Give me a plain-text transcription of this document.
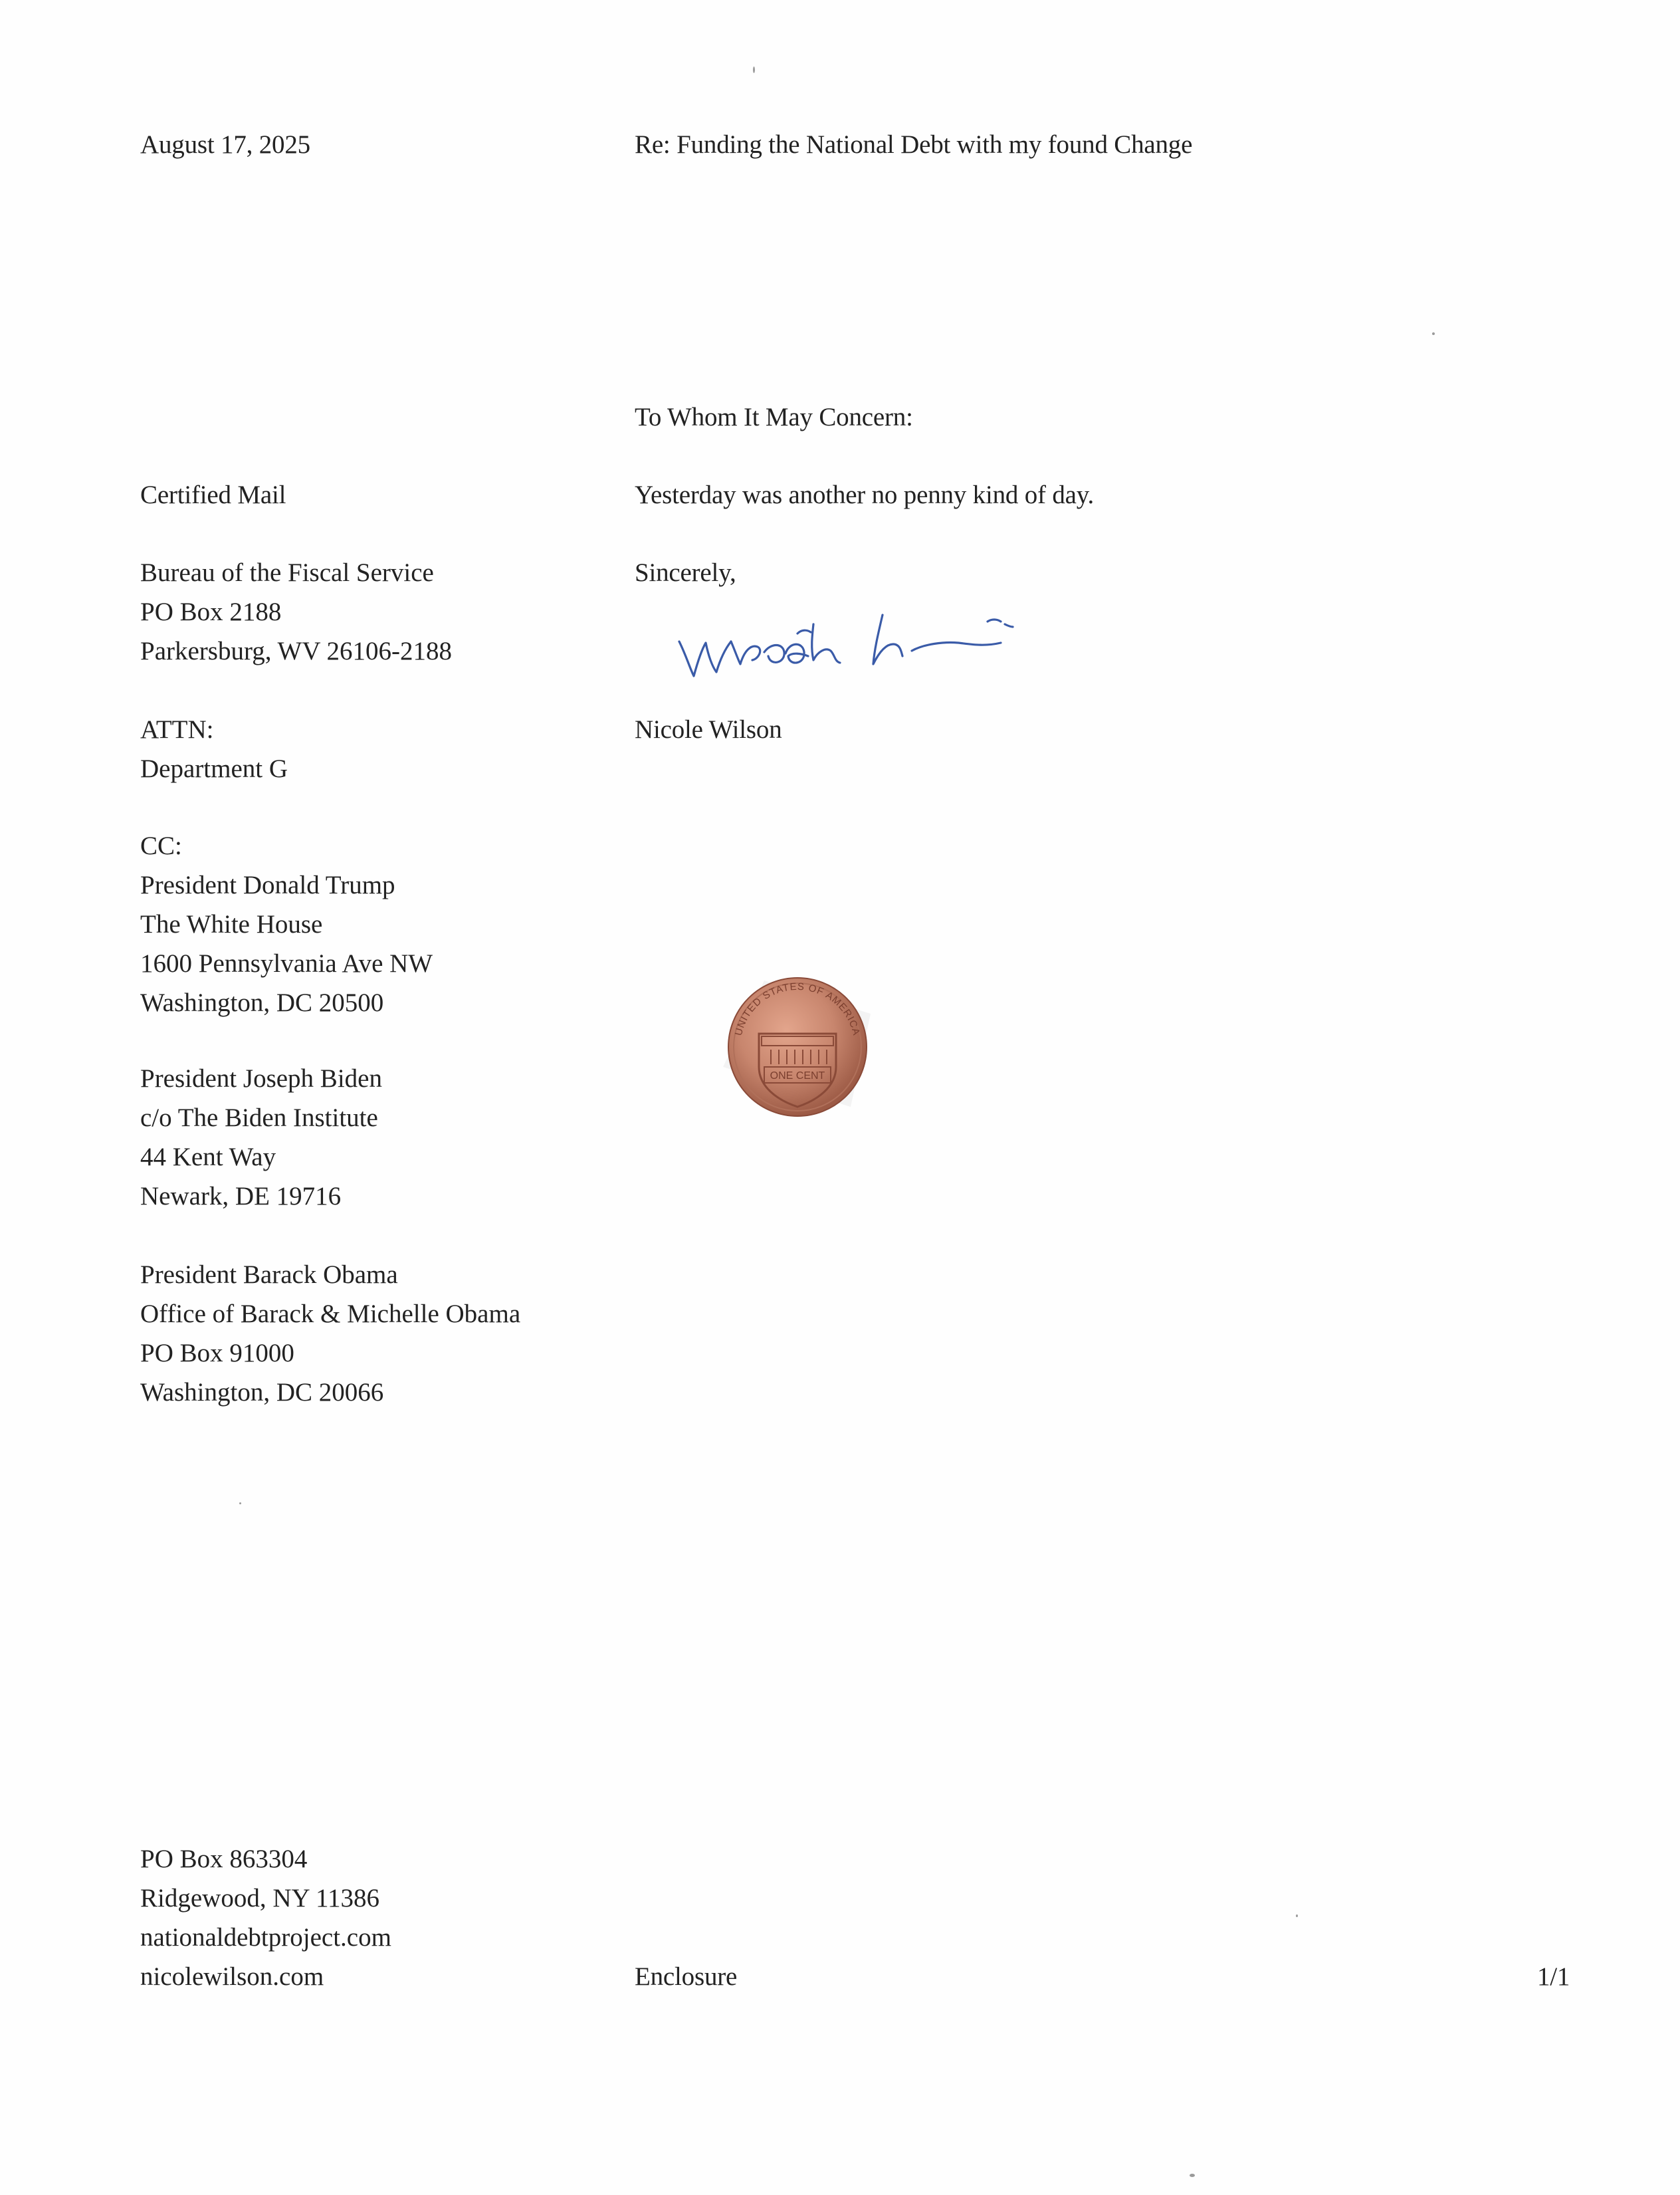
August 17, 2025	Re: Funding the National Debt with my found Change
To Whom It May Concern:
Yesterday was another no penny kind of day.
Sincerely,
Nicole Wilson
Certified Mail
Bureau of the Fiscal Service
PO Box 2188
Parkersburg, WV 26106-2188
ATTN:
Department G
CC:
President Donald Trump
The White House
1600 Pennsylvania Ave NW
Washington, DC 20500
President Joseph Biden
c/o The Biden Institute
44 Kent Way
Newark, DE 19716
President Barack Obama
Office of Barack & Michelle Obama
PO Box 91000
Washington, DC 20066
UNITED STATES OF AMERICA
ONE CENT
PO Box 863304
Ridgewood, NY 11386
nationaldebtproject.com
nicolewilson.com	Enclosure	1/1
